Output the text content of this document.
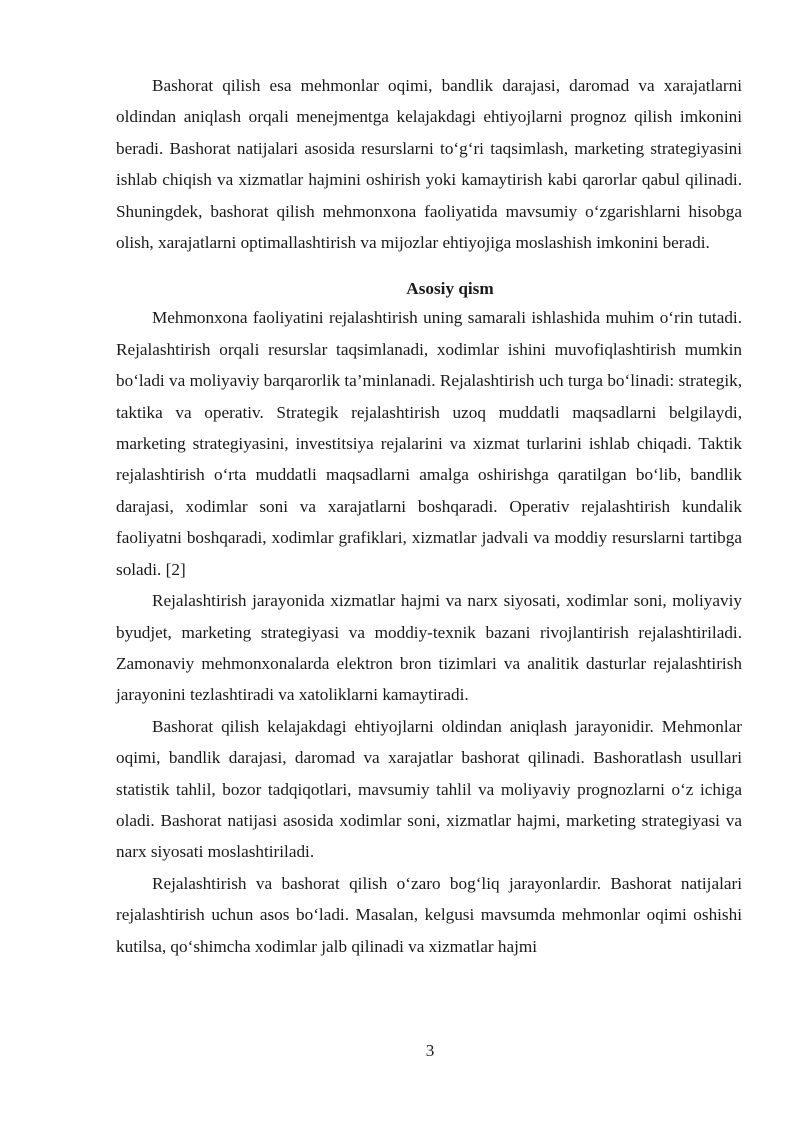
Bashorat qilish esa mehmonlar oqimi, bandlik darajasi, daromad va xarajatlarni oldindan aniqlash orqali menejmentga kelajakdagi ehtiyojlarni prognoz qilish imkonini beradi. Bashorat natijalari asosida resurslarni to‘g‘ri taqsimlash, marketing strategiyasini ishlab chiqish va xizmatlar hajmini oshirish yoki kamaytirish kabi qarorlar qabul qilinadi. Shuningdek, bashorat qilish mehmonxona faoliyatida mavsumiy o‘zgarishlarni hisobga olish, xarajatlarni optimallashtirish va mijozlar ehtiyojiga moslashish imkonini beradi.

Asosiy qism

Mehmonxona faoliyatini rejalashtirish uning samarali ishlashida muhim o‘rin tutadi. Rejalashtirish orqali resurslar taqsimlanadi, xodimlar ishini muvofiqlashtirish mumkin bo‘ladi va moliyaviy barqarorlik ta’minlanadi. Rejalashtirish uch turga bo‘linadi: strategik, taktika va operativ. Strategik rejalashtirish uzoq muddatli maqsadlarni belgilaydi, marketing strategiyasini, investitsiya rejalarini va xizmat turlarini ishlab chiqadi. Taktik rejalashtirish o‘rta muddatli maqsadlarni amalga oshirishga qaratilgan bo‘lib, bandlik darajasi, xodimlar soni va xarajatlarni boshqaradi. Operativ rejalashtirish kundalik faoliyatni boshqaradi, xodimlar grafiklari, xizmatlar jadvali va moddiy resurslarni tartibga soladi. [2]

Rejalashtirish jarayonida xizmatlar hajmi va narx siyosati, xodimlar soni, moliyaviy byudjet, marketing strategiyasi va moddiy-texnik bazani rivojlantirish rejalashtiriladi. Zamonaviy mehmonxonalarda elektron bron tizimlari va analitik dasturlar rejalashtirish jarayonini tezlashtiradi va xatoliklarni kamaytiradi.

Bashorat qilish kelajakdagi ehtiyojlarni oldindan aniqlash jarayonidir. Mehmonlar oqimi, bandlik darajasi, daromad va xarajatlar bashorat qilinadi. Bashoratlash usullari statistik tahlil, bozor tadqiqotlari, mavsumiy tahlil va moliyaviy prognozlarni o‘z ichiga oladi. Bashorat natijasi asosida xodimlar soni, xizmatlar hajmi, marketing strategiyasi va narx siyosati moslashtiriladi.

Rejalashtirish va bashorat qilish o‘zaro bog‘liq jarayonlardir. Bashorat natijalari rejalashtirish uchun asos bo‘ladi. Masalan, kelgusi mavsumda mehmonlar oqimi oshishi kutilsa, qo‘shimcha xodimlar jalb qilinadi va xizmatlar hajmi

3
